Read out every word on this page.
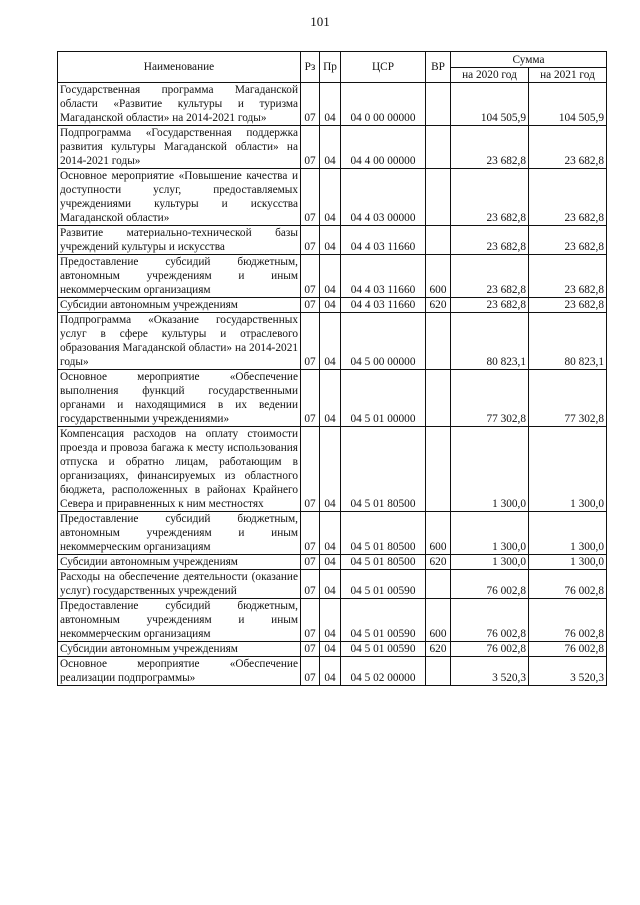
101
Наименование	Рз	Пр	ЦСР	ВР	Сумма	
					на 2020 год	на 2021 год
Государственная программа Магаданской области «Развитие культуры и туризма Магаданской области» на 2014-2021 годы»	07	04	04 0 00 00000		104 505,9	104 505,9
Подпрограмма «Государственная поддержка развития культуры Магаданской области» на 2014-2021 годы»	07	04	04 4 00 00000		23 682,8	23 682,8
Основное мероприятие «Повышение качества и доступности услуг, предоставляемых учреждениями культуры и искусства Магаданской области»	07	04	04 4 03 00000		23 682,8	23 682,8
Развитие материально-технической базы учреждений культуры и искусства	07	04	04 4 03 11660		23 682,8	23 682,8
Предоставление субсидий бюджетным, автономным учреждениям и иным некоммерческим организациям	07	04	04 4 03 11660	600	23 682,8	23 682,8
Субсидии автономным учреждениям	07	04	04 4 03 11660	620	23 682,8	23 682,8
Подпрограмма «Оказание государственных услуг в сфере культуры и отраслевого образования Магаданской области» на 2014-2021 годы»	07	04	04 5 00 00000		80 823,1	80 823,1
Основное мероприятие «Обеспечение выполнения функций государственными органами и находящимися в их ведении государственными учреждениями»	07	04	04 5 01 00000		77 302,8	77 302,8
Компенсация расходов на оплату стоимости проезда и провоза багажа к месту использования отпуска и обратно лицам, работающим в организациях, финансируемых из областного бюджета, расположенных в районах Крайнего Севера и приравненных к ним местностях	07	04	04 5 01 80500		1 300,0	1 300,0
Предоставление субсидий бюджетным, автономным учреждениям и иным некоммерческим организациям	07	04	04 5 01 80500	600	1 300,0	1 300,0
Субсидии автономным учреждениям	07	04	04 5 01 80500	620	1 300,0	1 300,0
Расходы на обеспечение деятельности (оказание услуг) государственных учреждений	07	04	04 5 01 00590		76 002,8	76 002,8
Предоставление субсидий бюджетным, автономным учреждениям и иным некоммерческим организациям	07	04	04 5 01 00590	600	76 002,8	76 002,8
Субсидии автономным учреждениям	07	04	04 5 01 00590	620	76 002,8	76 002,8
Основное мероприятие «Обеспечение реализации подпрограммы»	07	04	04 5 02 00000		3 520,3	3 520,3
